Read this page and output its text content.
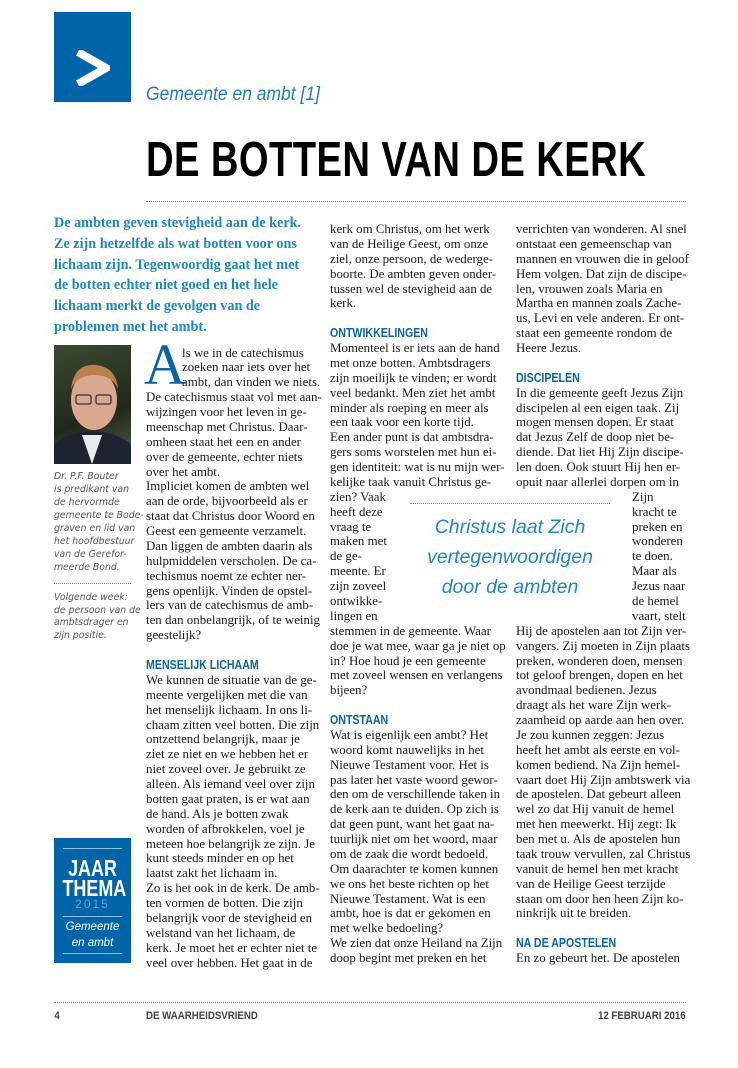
Gemeente en ambt [1]
DE BOTTEN VAN DE KERK
De ambten geven stevigheid aan de kerk. Ze zijn hetzelfde als wat botten voor ons lichaam zijn. Tegenwoordig gaat het met de botten echter niet goed en het hele lichaam merkt de gevolgen van de problemen met het ambt.
Dr. P.F. Bouter
is predikant van
de hervormde
gemeente te Bode-
graven en lid van
het hoofdbestuur
van de Gerefor-
meerde Bond.
Volgende week:
de persoon van de
ambtsdrager en
zijn positie.
JAAR
THEMA
2015
Gemeente
en ambt
A
ls we in de catechismus
zoeken naar iets over het
ambt, dan vinden we niets.
De catechismus staat vol met aan-
wijzingen voor het leven in ge-
meenschap met Christus. Daar-
omheen staat het een en ander
over de gemeente, echter niets
over het ambt.
Impliciet komen de ambten wel
aan de orde, bijvoorbeeld als er
staat dat Christus door Woord en
Geest een gemeente verzamelt.
Dan liggen de ambten daarin als
hulpmiddelen verscholen. De ca-
techismus noemt ze echter ner-
gens openlijk. Vinden de opstel-
lers van de catechismus de amb-
ten dan onbelangrijk, of te weinig
geestelijk?
MENSELIJK LICHAAM
We kunnen de situatie van de ge-
meente vergelijken met die van
het menselijk lichaam. In ons li-
chaam zitten veel botten. Die zijn
ontzettend belangrijk, maar je
ziet ze niet en we hebben het er
niet zoveel over. Je gebruikt ze
alleen. Als iemand veel over zijn
botten gaat praten, is er wat aan
de hand. Als je botten zwak
worden of afbrokkelen, voel je
meteen hoe belangrijk ze zijn. Je
kunt steeds minder en op het
laatst zakt het lichaam in.
Zo is het ook in de kerk. De amb-
ten vormen de botten. Die zijn
belangrijk voor de stevigheid en
welstand van het lichaam, de
kerk. Je moet het er echter niet te
veel over hebben. Het gaat in de
kerk om Christus, om het werk
van de Heilige Geest, om onze
ziel, onze persoon, de wederge-
boorte. De ambten geven onder-
tussen wel de stevigheid aan de
kerk.
ONTWIKKELINGEN
Momenteel is er iets aan de hand
met onze botten. Ambtsdragers
zijn moeilijk te vinden; er wordt
veel bedankt. Men ziet het ambt
minder als roeping en meer als
een taak voor een korte tijd.
Een ander punt is dat ambtsdra-
gers soms worstelen met hun ei-
gen identiteit: wat is nu mijn wer-
kelijke taak vanuit Christus ge-
zien? Vaak
heeft deze
vraag te
maken met
de ge-
meente. Er
zijn zoveel
ontwikke-
lingen en
stemmen in de gemeente. Waar
doe je wat mee, waar ga je niet op
in? Hoe houd je een gemeente
met zoveel wensen en verlangens
bijeen?
ONTSTAAN
Wat is eigenlijk een ambt? Het
woord komt nauwelijks in het
Nieuwe Testament voor. Het is
pas later het vaste woord gewor-
den om de verschillende taken in
de kerk aan te duiden. Op zich is
dat geen punt, want het gaat na-
tuurlijk niet om het woord, maar
om de zaak die wordt bedoeld.
Om daarachter te komen kunnen
we ons het beste richten op het
Nieuwe Testament. Wat is een
ambt, hoe is dat er gekomen en
met welke bedoeling?
We zien dat onze Heiland na Zijn
doop begint met preken en het
verrichten van wonderen. Al snel
ontstaat een gemeenschap van
mannen en vrouwen die in geloof
Hem volgen. Dat zijn de discipe-
len, vrouwen zoals Maria en
Martha en mannen zoals Zache-
us, Levi en vele anderen. Er ont-
staat een gemeente rondom de
Heere Jezus.
DISCIPELEN
In die gemeente geeft Jezus Zijn
discipelen al een eigen taak. Zij
mogen mensen dopen. Er staat
dat Jezus Zelf de doop niet be-
diende. Dat liet Hij Zijn discipe-
len doen. Ook stuurt Hij hen er-
opuit naar allerlei dorpen om in
Zijn
kracht te
preken en
wonderen
te doen.
Maar als
Jezus naar
de hemel
vaart, stelt
Hij de apostelen aan tot Zijn ver-
vangers. Zij moeten in Zijn plaats
preken, wonderen doen, mensen
tot geloof brengen, dopen en het
avondmaal bedienen. Jezus
draagt als het ware Zijn werk-
zaamheid op aarde aan hen over.
Je zou kunnen zeggen: Jezus
heeft het ambt als eerste en vol-
komen bediend. Na Zijn hemel-
vaart doet Hij Zijn ambtswerk via
de apostelen. Dat gebeurt alleen
wel zo dat Hij vanuit de hemel
met hen meewerkt. Hij zegt: Ik
ben met u. Als de apostelen hun
taak trouw vervullen, zal Christus
vanuit de hemel hen met kracht
van de Heilige Geest terzijde
staan om door hen heen Zijn ko-
ninkrijk uit te breiden.
NA DE APOSTELEN
En zo gebeurt het. De apostelen
Christus laat Zich
vertegenwoordigen
door de ambten
4	DE WAARHEIDSVRIEND	12 FEBRUARI 2016
